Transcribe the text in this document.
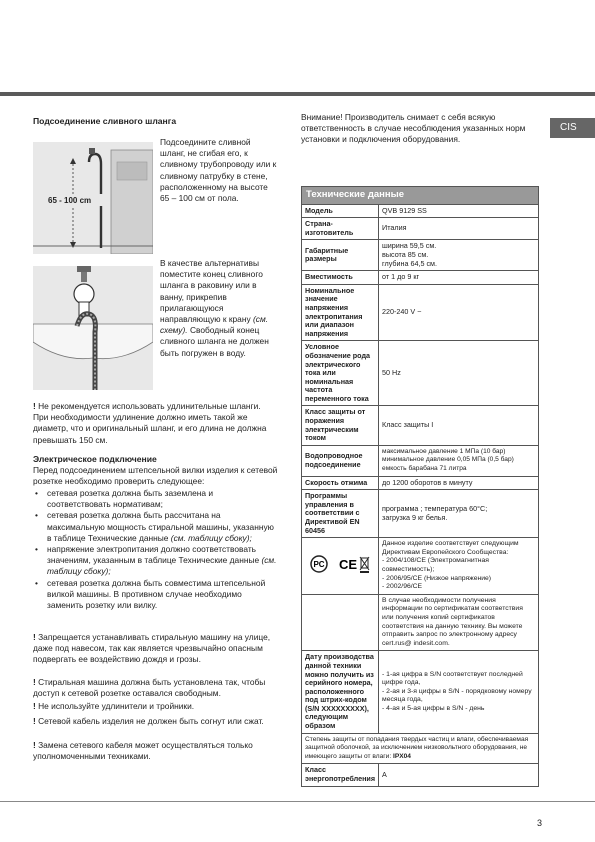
CIS
Подсоединение сливного шланга
65 - 100 cm

Подсоедините сливной шланг, не сгибая его, к сливному трубопроводу или к сливному патрубку в стене, расположенному на высоте 65 – 100 см от пола.

В качестве альтернативы поместите конец сливного шланга в раковину или в ванну, прикрепив прилагающуюся направляющую к крану (см. схему). Свободный конец сливного шланга не должен быть погружен в воду.

! Не рекомендуется использовать удлинительные шланги. При необходимости удлинение должно иметь такой же диаметр, что и оригинальный шланг, и его длина не должна превышать 150 см.

Электрическое подключение

Перед подсоединением штепсельной вилки изделия к сетевой розетке необходимо проверить следующее:

• сетевая розетка должна быть заземлена и соответствовать нормативам;
• сетевая розетка должна быть рассчитана на максимальную мощность стиральной машины, указанную в таблице Технические данные (см. таблицу сбоку);
• напряжение электропитания должно соответствовать значениям, указанным в таблице Технические данные (см. таблицу сбоку);
• сетевая розетка должна быть совместима штепсельной вилкой машины. В противном случае необходимо заменить розетку или вилку.

! Запрещается устанавливать стиральную машину на улице, даже под навесом, так как является чрезвычайно опасным подвергать ее воздействию дождя и грозы.

! Стиральная машина должна быть установлена так, чтобы доступ к сетевой розетке оставался свободным.

! Не используйте удлинители и тройники.

! Сетевой кабель изделия не должен быть согнут или сжат.

! Замена сетевого кабеля может осуществляться только уполномоченными техниками.

Внимание! Производитель снимает с себя всякую ответственность в случае несоблюдения указанных норм установки и подключения оборудования.

Технические данные	
Модель	QVB 9129 SS
Страна-изготовитель	Италия
Габаритные размеры	ширина 59,5 см.
высота 85 см.
глубина 64,5 см.
Вместимость	от 1 до 9 кг
Номинальное значение напряжения электропитания или диапазон напряжения	220-240 V ~
Условное обозначение рода электрического тока или номинальная частота переменного тока	50 Hz
Класс защиты от поражения электрическим током	Класс защиты I
Водопроводное подсоединение	максимальное давление 1 МПа (10 бар)
минимальное давление 0,05 МПа (0,5 бар)
емкость барабана 71 литра
Скорость отжима	до 1200 оборотов в минуту
Программы управления в соответствии с Директивой EN 60456	программа ; температура 60°C;
загрузка 9 кг белья.

PC CE	Данное изделие соответствует следующим Директивам Европейского Сообщества:
- 2004/108/CE (Электромагнитная совместимость);
- 2006/95/CE (Низкое напряжение)
- 2002/96/CE
	В случае необходимости получения информации по сертификатам соответствия или получения копий сертификатов соответствия на данную технику. Вы можете отправить запрос по электронному адресу cert.rus@ indesit.com.
Дату производства данной техники можно получить из серийного номера, расположенного под штрих-кодом (S/N XXXXXXXXX), следующим образом	- 1-ая цифра в S/N соответствует последней цифре года,
- 2-ая и 3-я цифры в S/N - порядковому номеру месяца года,
- 4-ая и 5-ая цифры в S/N - день
Степень защиты от попадания твердых частиц и влаги, обеспечиваемая защитной оболочкой, за исключением низковольтного оборудования, не имеющего защиты от влаги: IPX04	
Класс энергопотребления	A
3
